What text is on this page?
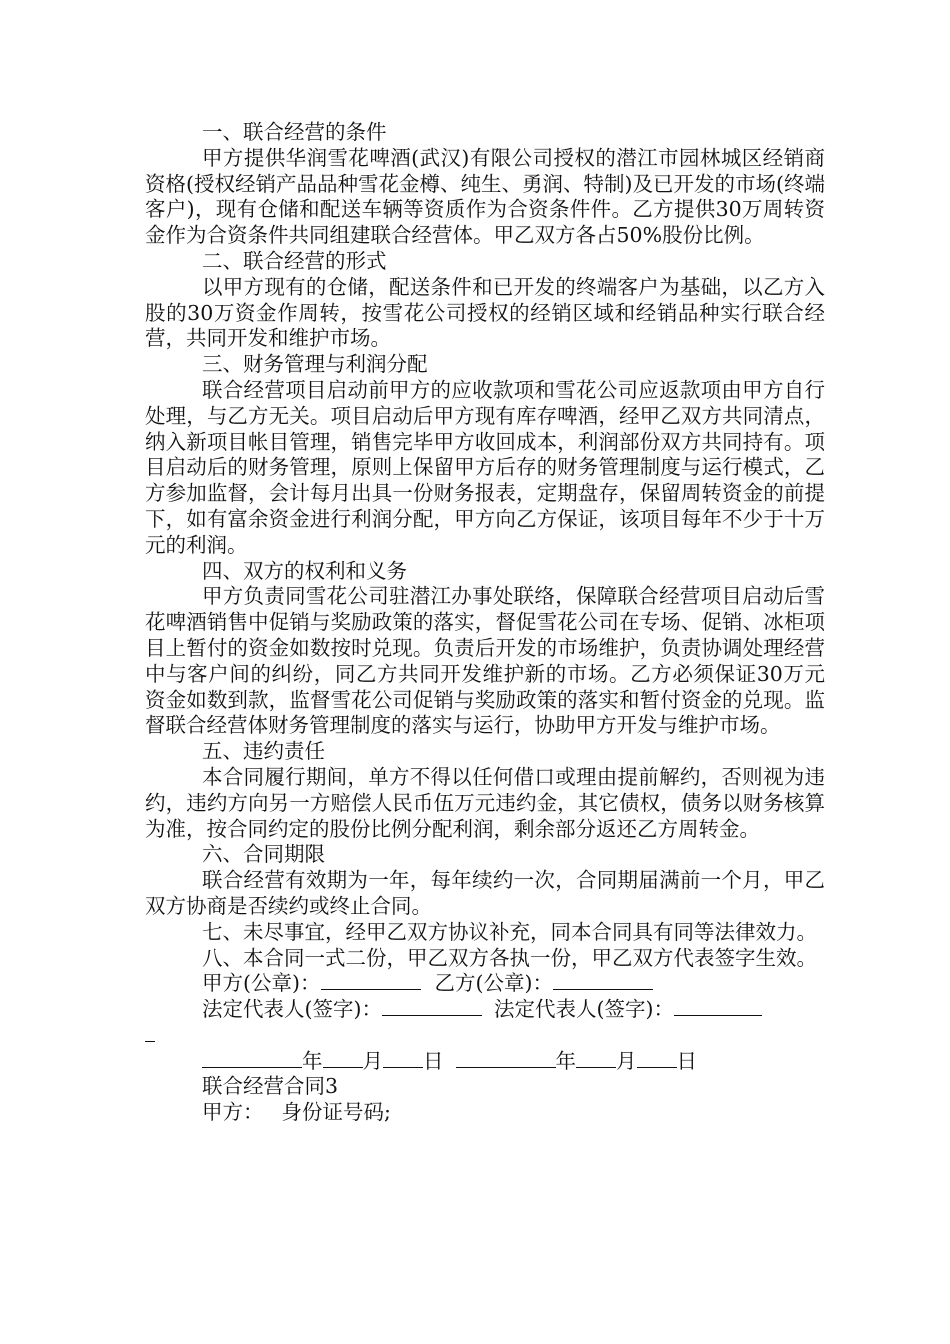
一、联合经营的条件

甲方提供华润雪花啤酒(武汉)有限公司授权的潜江市园林城区经销商资格(授权经销产品品种雪花金樽、纯生、勇润、特制)及已开发的市场(终端客户)，现有仓储和配送车辆等资质作为合资条件件。乙方提供30万周转资金作为合资条件共同组建联合经营体。甲乙双方各占50%股份比例。

二、联合经营的形式

以甲方现有的仓储，配送条件和已开发的终端客户为基础，以乙方入股的30万资金作周转，按雪花公司授权的经销区域和经销品种实行联合经营，共同开发和维护市场。

三、财务管理与利润分配

联合经营项目启动前甲方的应收款项和雪花公司应返款项由甲方自行处理，与乙方无关。项目启动后甲方现有库存啤酒，经甲乙双方共同清点，纳入新项目帐目管理，销售完毕甲方收回成本，利润部份双方共同持有。项目启动后的财务管理，原则上保留甲方后存的财务管理制度与运行模式，乙方参加监督，会计每月出具一份财务报表，定期盘存，保留周转资金的前提下，如有富余资金进行利润分配，甲方向乙方保证，该项目每年不少于十万元的利润。

四、双方的权利和义务

甲方负责同雪花公司驻潜江办事处联络，保障联合经营项目启动后雪花啤酒销售中促销与奖励政策的落实，督促雪花公司在专场、促销、冰柜项目上暂付的资金如数按时兑现。负责后开发的市场维护，负责协调处理经营中与客户间的纠纷，同乙方共同开发维护新的市场。乙方必须保证30万元资金如数到款，监督雪花公司促销与奖励政策的落实和暂付资金的兑现。监督联合经营体财务管理制度的落实与运行，协助甲方开发与维护市场。

五、违约责任

本合同履行期间，单方不得以任何借口或理由提前解约，否则视为违约，违约方向另一方赔偿人民币伍万元违约金，其它债权，债务以财务核算为准，按合同约定的股份比例分配利润，剩余部分返还乙方周转金。

六、合同期限

联合经营有效期为一年，每年续约一次，合同期届满前一个月，甲乙双方协商是否续约或终止合同。

七、未尽事宜，经甲乙双方协议补充，同本合同具有同等法律效力。

八、本合同一式二份，甲乙双方各执一份，甲乙双方代表签字生效。

甲方(公章)：	乙方(公章)：
法定代表人(签字)：	法定代表人(签字)：
年 月 日	年 月 日
联合经营合同3
甲方： 身份证号码;
